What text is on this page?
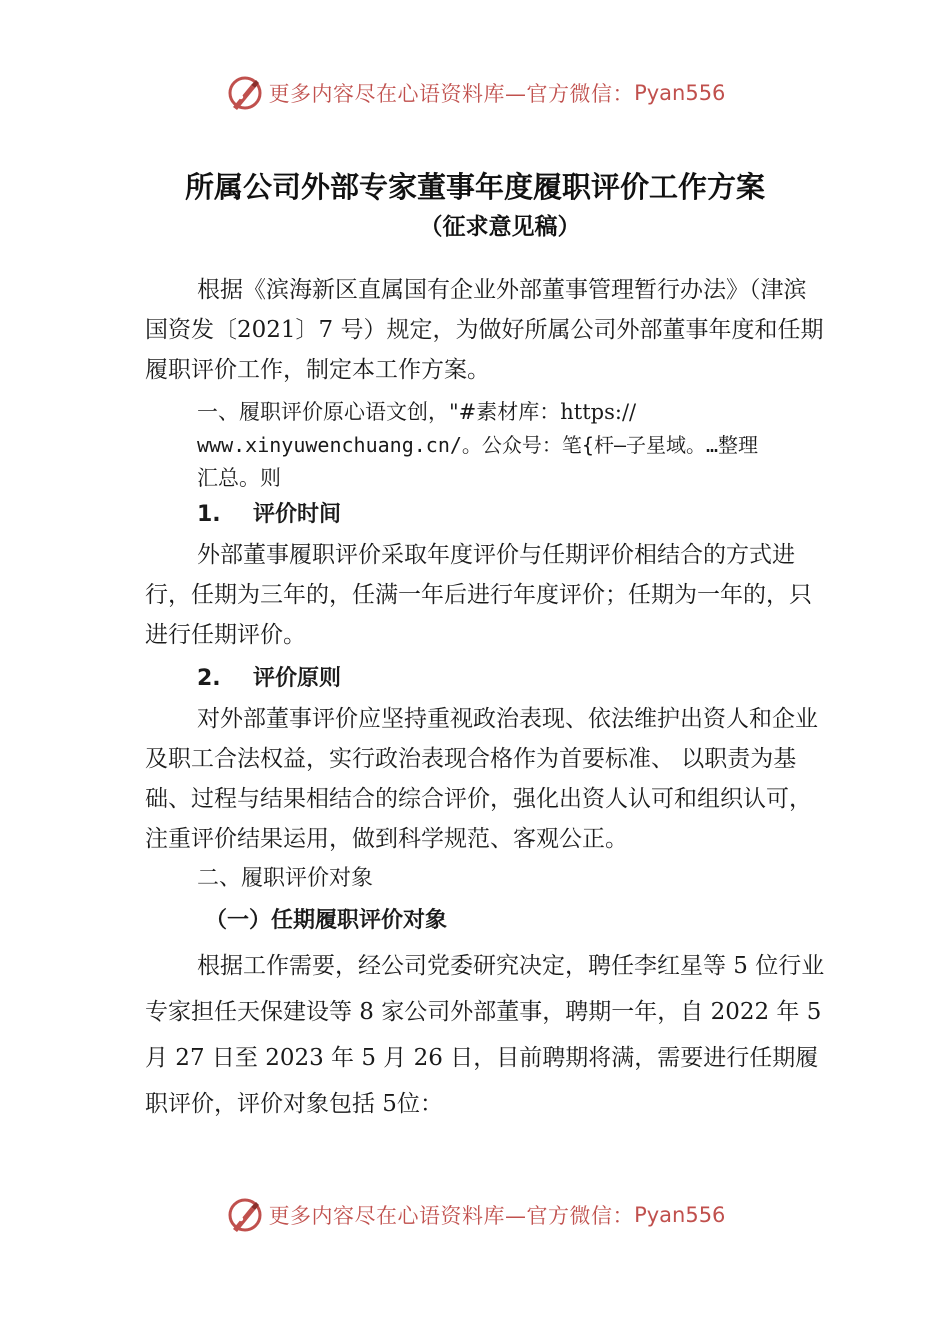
更多内容尽在心语资料库—官方微信： Pyan556
所属公司外部专家董事年度履职评价工作方案
（征求意见稿）

根据《滨海新区直属国有企业外部董事管理暂行办法》（津滨国资发〔2021〕7 号）规定，为做好所属公司外部董事年度和任期履职评价工作，制定本工作方案。

一、履职评价原心语文创，"#素材库：https://
www.xinyuwenchuang.cn/。公众号：笔{杆—子星域。…整理
汇总。则
1. 评价时间

外部董事履职评价采取年度评价与任期评价相结合的方式进行，任期为三年的，任满一年后进行年度评价；任期为一年的，只进行任期评价。

2. 评价原则

对外部董事评价应坚持重视政治表现、依法维护出资人和企业及职工合法权益，实行政治表现合格作为首要标准、 以职责为基础、过程与结果相结合的综合评价，强化出资人认可和组织认可，注重评价结果运用，做到科学规范、客观公正。

二、履职评价对象

（一）任期履职评价对象

根据工作需要，经公司党委研究决定，聘任李红星等 5 位行业专家担任天保建设等 8 家公司外部董事，聘期一年，自 2022 年 5 月 27 日至 2023 年 5 月 26 日，目前聘期将满，需要进行任期履职评价，评价对象包括 5位：

更多内容尽在心语资料库—官方微信： Pyan556
